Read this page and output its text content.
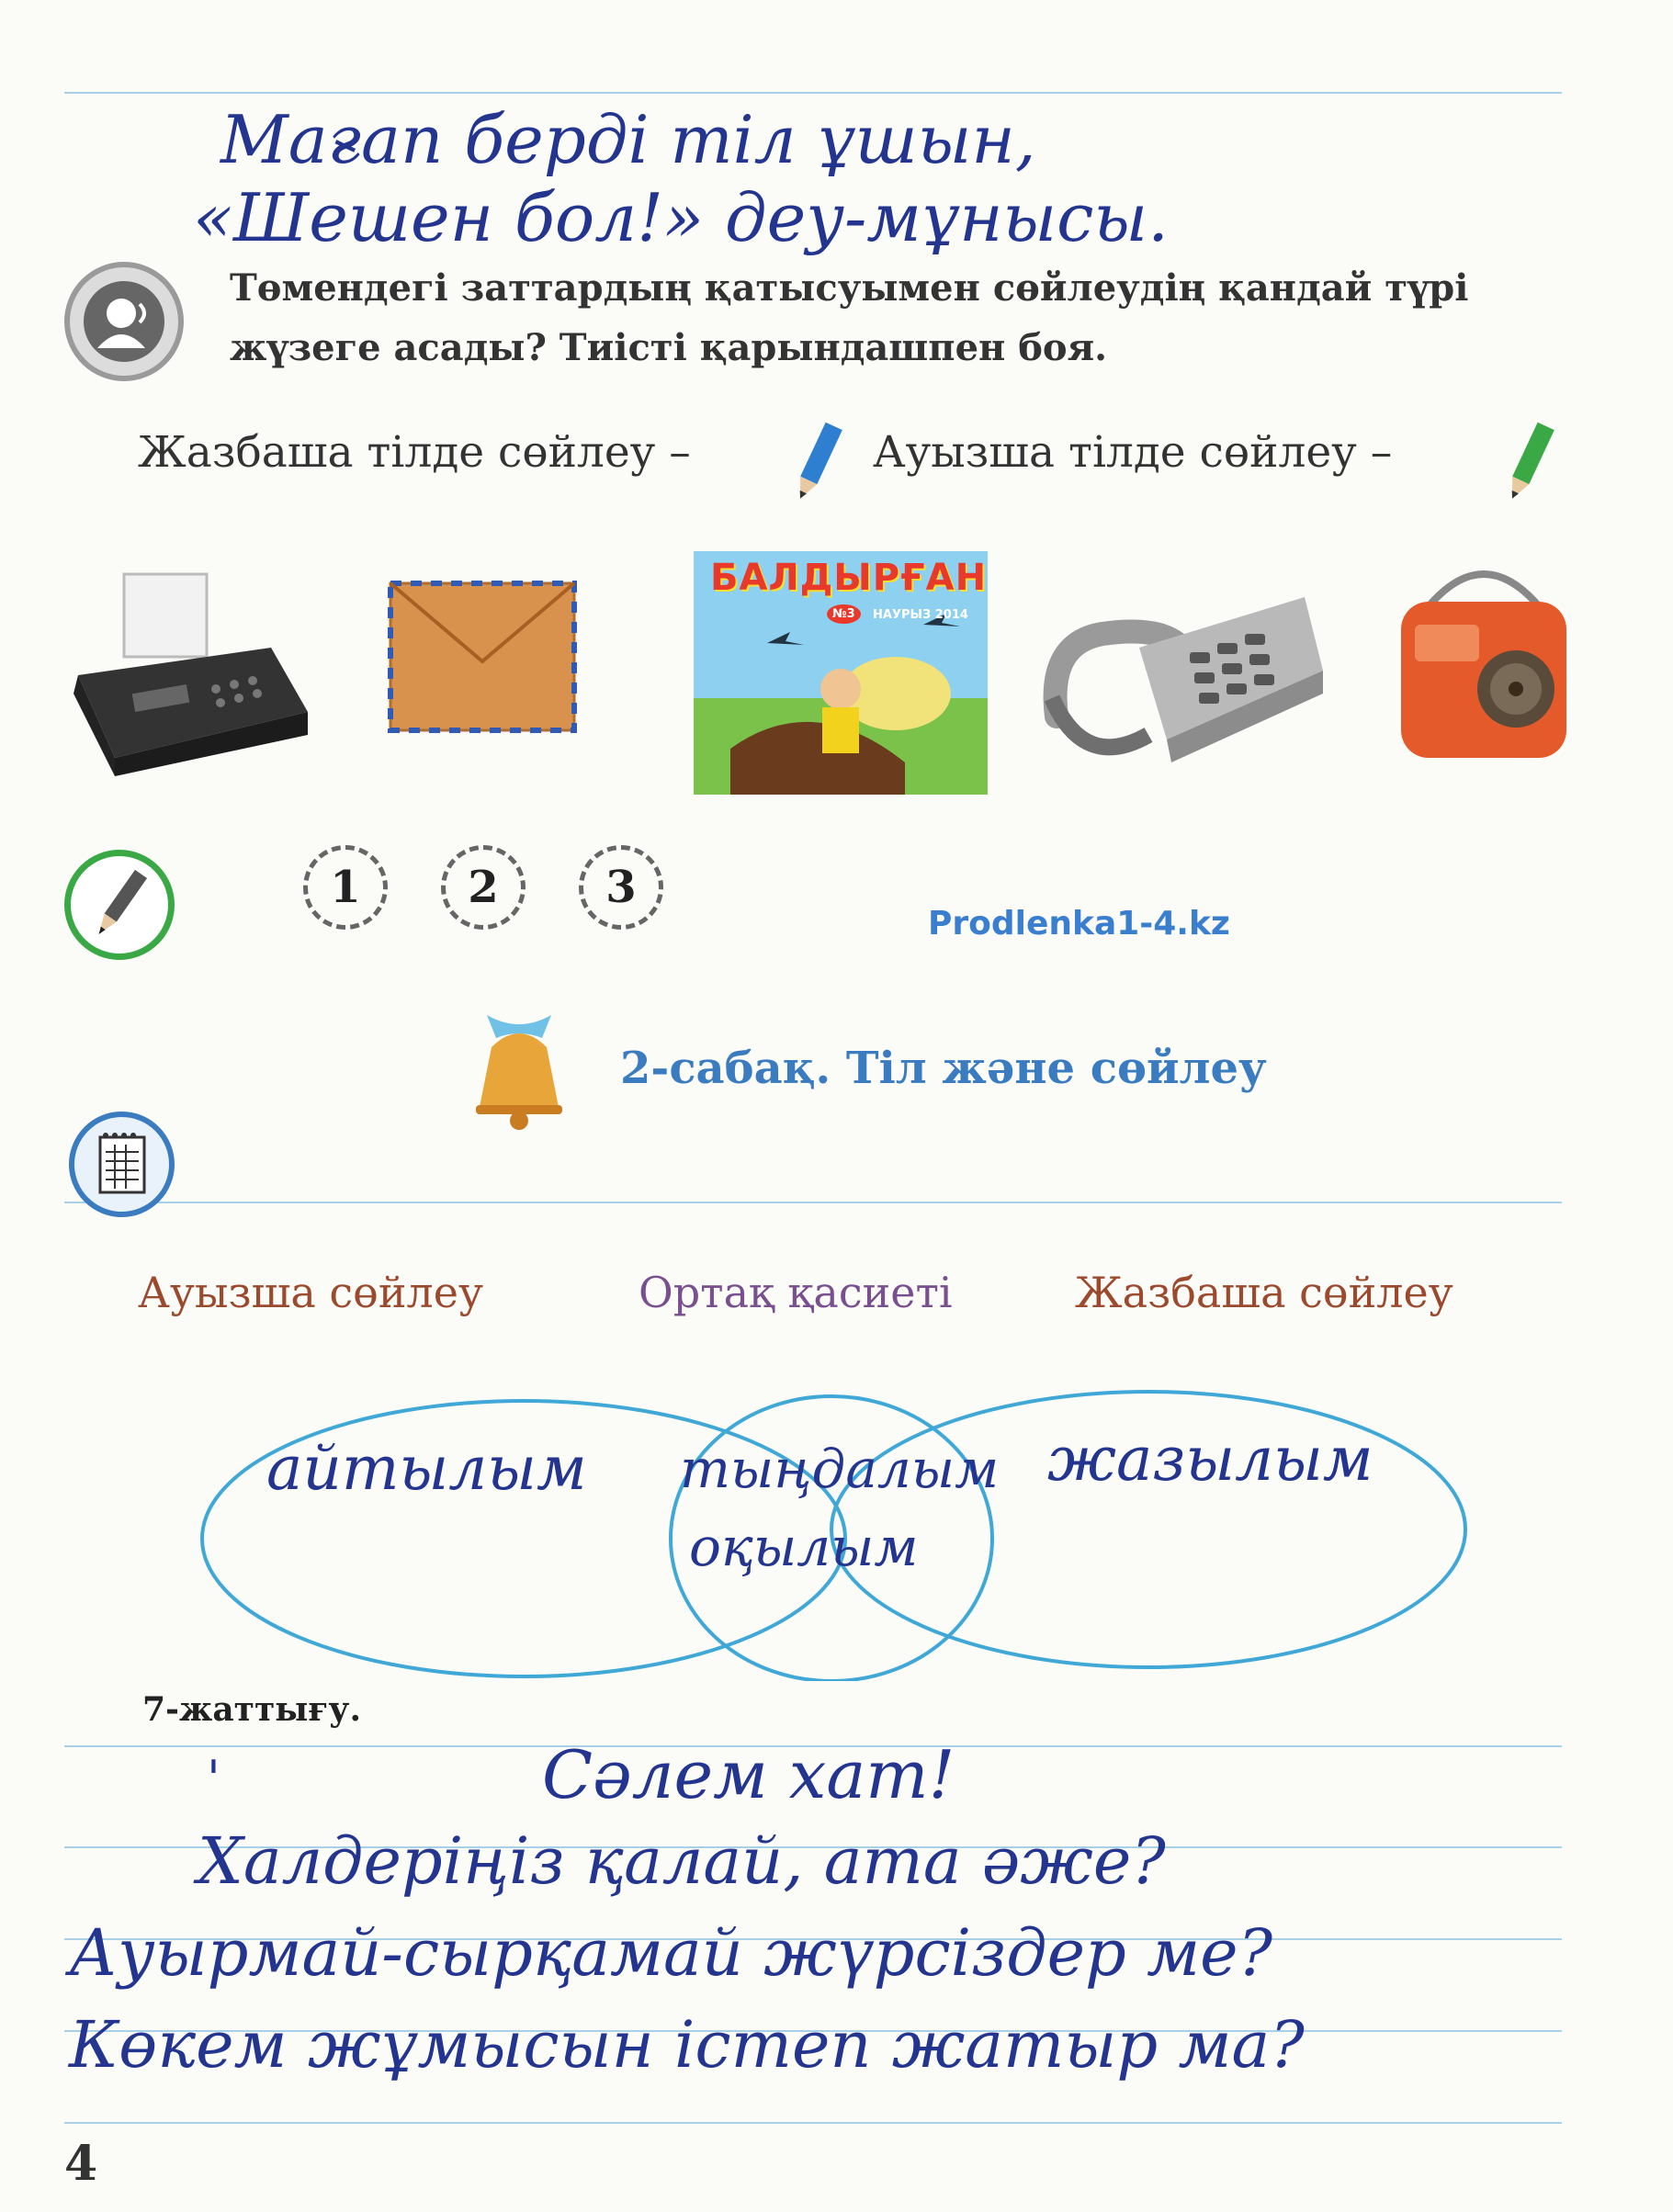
Мағаn берді тіл ұшын,
«Шешен бол!» деу-мұнысы.
Төмендегі заттардың қатысуымен сөйлеудің қандай түрі
жүзеге асады? Тиісті қарындашпен боя.
Жазбаша тілде сөйлеу –	Ауызша тілде сөйлеу –
БАЛДЫРҒАН
№3	НАУРЫЗ 2014
1	2	3
Prodlenka1-4.kz
2-сабақ. Тіл және сөйлеу
Ауызша сөйлеу	Ортақ қасиеті	Жазбаша сөйлеу
айтылым тыңдалым
оқылым
жазылым
7-жаттығу.
'	Сәлем хат!
Халдеріңіз қалай, ата әже?
Ауырмай-сырқамай жүрсіздер ме?
Көкем жұмысын істеп жатыр ма?
4
